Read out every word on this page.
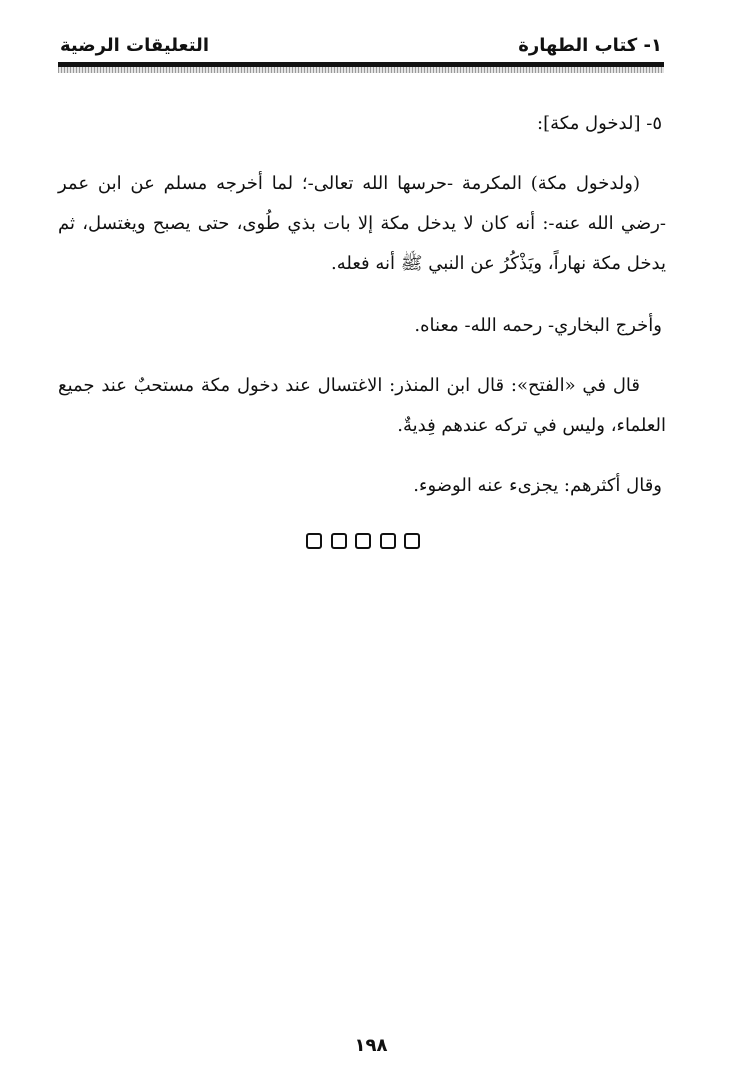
١- كتاب الطهارة
التعليقات الرضية
٥- [لدخول مكة]:
(ولدخول مكة) المكرمة -حرسها الله تعالى-؛ لما أخرجه مسلم عن ابن عمر -رضي الله عنه-: أنه كان لا يدخل مكة إلا بات بذي طُوى، حتى يصبح ويغتسل، ثم يدخل مكة نهاراً، ويَذْكُرُ عن النبي ﷺ أنه فعله.
وأخرج البخاري- رحمه الله- معناه.
قال في «الفتح»: قال ابن المنذر: الاغتسال عند دخول مكة مستحبٌ عند جميع العلماء، وليس في تركه عندهم فِديةٌ.
وقال أكثرهم: يجزىء عنه الوضوء.
١٩٨
